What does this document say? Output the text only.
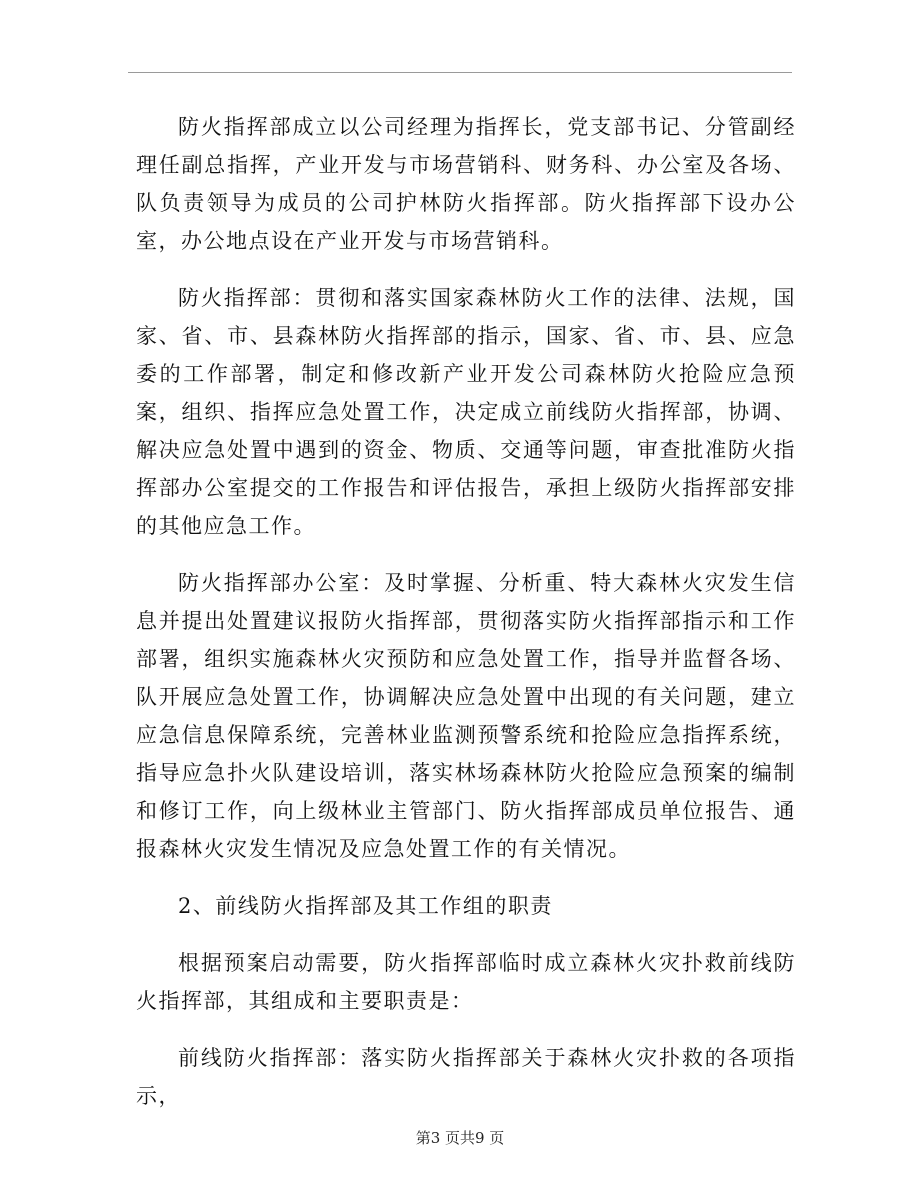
防火指挥部成立以公司经理为指挥长，党支部书记、分管副经理任副总指挥，产业开发与市场营销科、财务科、办公室及各场、队负责领导为成员的公司护林防火指挥部。防火指挥部下设办公室，办公地点设在产业开发与市场营销科。

防火指挥部：贯彻和落实国家森林防火工作的法律、法规，国家、省、市、县森林防火指挥部的指示，国家、省、市、县、应急委的工作部署，制定和修改新产业开发公司森林防火抢险应急预案，组织、指挥应急处置工作，决定成立前线防火指挥部，协调、解决应急处置中遇到的资金、物质、交通等问题，审查批准防火指挥部办公室提交的工作报告和评估报告，承担上级防火指挥部安排的其他应急工作。

防火指挥部办公室：及时掌握、分析重、特大森林火灾发生信息并提出处置建议报防火指挥部，贯彻落实防火指挥部指示和工作部署，组织实施森林火灾预防和应急处置工作，指导并监督各场、队开展应急处置工作，协调解决应急处置中出现的有关问题，建立应急信息保障系统，完善林业监测预警系统和抢险应急指挥系统，指导应急扑火队建设培训，落实林场森林防火抢险应急预案的编制和修订工作，向上级林业主管部门、防火指挥部成员单位报告、通报森林火灾发生情况及应急处置工作的有关情况。

2、前线防火指挥部及其工作组的职责

根据预案启动需要，防火指挥部临时成立森林火灾扑救前线防火指挥部，其组成和主要职责是：

前线防火指挥部：落实防火指挥部关于森林火灾扑救的各项指示，

第3 页共9 页
